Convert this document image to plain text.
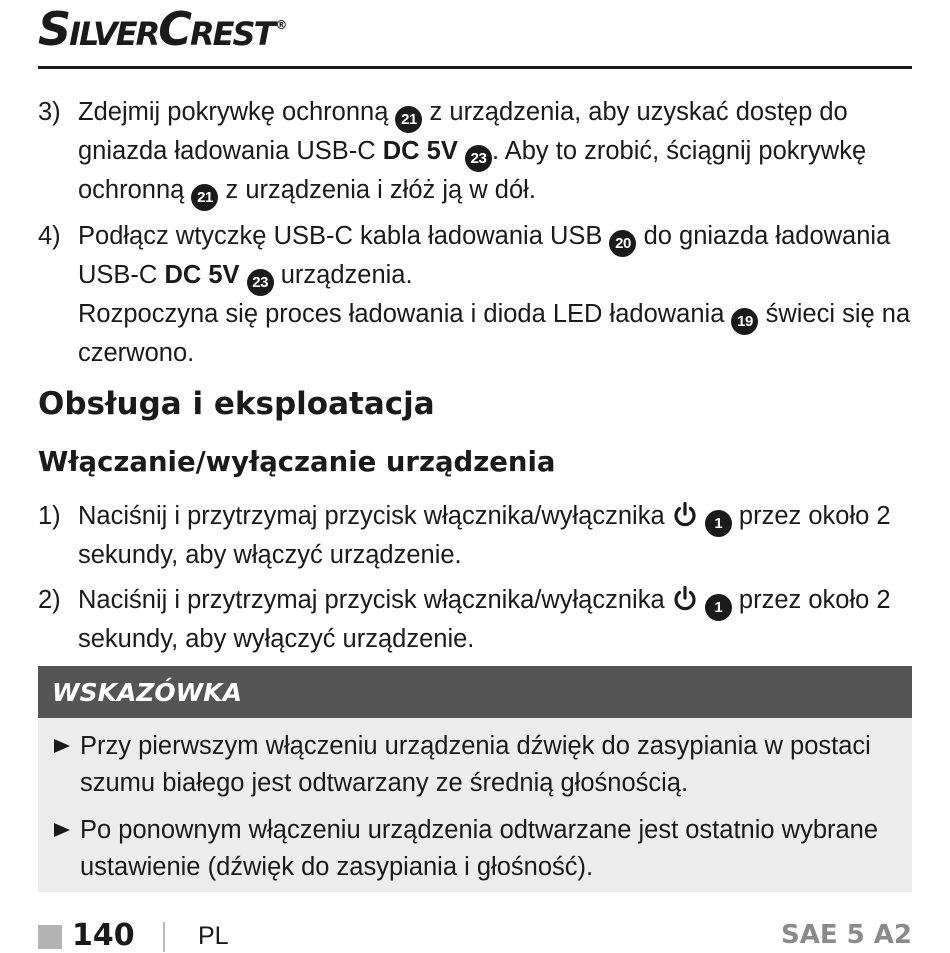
SilverCrest ®
3) Zdejmij pokrywkę ochronną 21 z urządzenia, aby uzyskać dostęp do gniazda ładowania USB-C DC 5V 23 . Aby to zrobić, ściągnij pokrywkę ochronną 21 z urządzenia i złóż ją w dół.
4) Podłącz wtyczkę USB-C kabla ładowania USB 20 do gniazda ładowania USB-C DC 5V 23 urządzenia.
Rozpoczyna się proces ładowania i dioda LED ładowania 19 świeci się na czerwono.
Obsługa i eksploatacja
Włączanie/wyłączanie urządzenia
1) Naciśnij i przytrzymaj przycisk włącznika/wyłącznika	1 przez około 2 sekundy, aby włączyć urządzenie.
2) Naciśnij i przytrzymaj przycisk włącznika/wyłącznika	1 przez około 2 sekundy, aby wyłączyć urządzenie.
WSKAZÓWKA
Przy pierwszym włączeniu urządzenia dźwięk do zasypiania w postaci szumu białego jest odtwarzany ze średnią głośnością.
Po ponownym włączeniu urządzenia odtwarzane jest ostatnio wybrane ustawienie (dźwięk do zasypiania i głośność).
140	PL	SAE 5 A2
